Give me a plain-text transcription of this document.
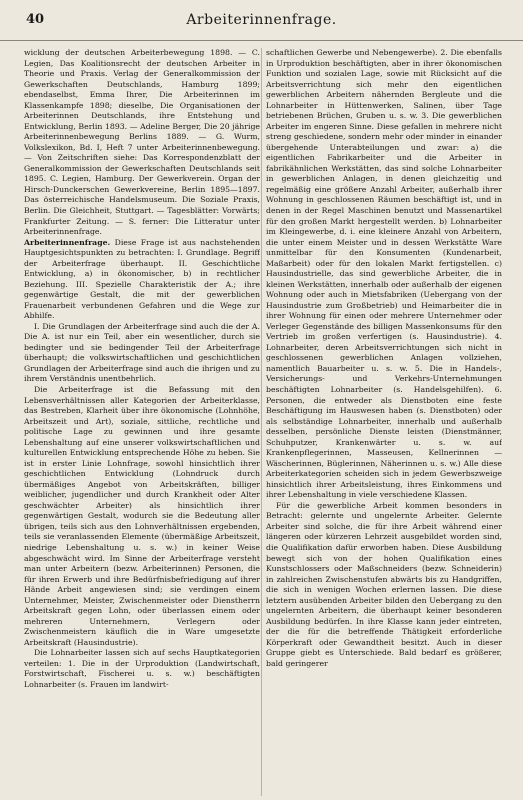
40	Arbeiterinnenfrage.

wicklung der deutschen Arbeiterbewegung 1898. — C. Legien, Das Koalitionsrecht der deutschen Arbeiter in Theorie und Praxis. Verlag der Generalkommission der Gewerkschaften Deutschlands, Hamburg 1899; ebendaselbst, Emma Ihrer, Die Arbeiterinnen im Klassenkampfe 1898; dieselbe, Die Organisationen der Arbeiterinnen Deutschlands, ihre Entstehung und Entwicklung, Berlin 1893. — Adeline Berger, Die 20 jährige Arbeiterinnenbewegung Berlins 1889. — G. Wurm, Volkslexikon, Bd. I, Heft 7 unter Arbeiterinnenbewegung. — Von Zeitschriften siehe: Das Korrespondenzblatt der Generalkommission der Gewerkschaften Deutschlands seit 1895. C. Legien, Hamburg. Der Gewerkverein. Organ der Hirsch-Dunckerschen Gewerkvereine, Berlin 1895—1897. Das österreichische Handelsmuseum. Die Soziale Praxis, Berlin. Die Gleichheit, Stuttgart. — Tagesblätter: Vorwärts; Frankfurter Zeitung. — S. ferner: Die Litteratur unter Arbeiterinnenfrage.

Arbeiterinnenfrage. Diese Frage ist aus nachstehenden Hauptgesichtspunkten zu betrachten: I. Grundlage. Begriff der Arbeiterfrage überhaupt. II. Geschichtliche Entwicklung, a) in ökonomischer, b) in rechtlicher Beziehung. III. Spezielle Charakteristik der A.; ihre gegenwärtige Gestalt, die mit der gewerblichen Frauenarbeit verbundenen Gefahren und die Wege zur Abhilfe.

I. Die Grundlagen der Arbeiterfrage sind auch die der A. Die A. ist nur ein Teil, aber ein wesentlicher, durch sie bedingter und sie bedingender Teil der Arbeiterfrage überhaupt; die volkswirtschaftlichen und geschichtlichen Grundlagen der Arbeiterfrage sind auch die ihrigen und zu ihrem Verständnis unentbehrlich.

Die Arbeiterfrage ist die Befassung mit den Lebensverhältnissen aller Kategorien der Arbeiterklasse, das Bestreben, Klarheit über ihre ökonomische (Lohnhöhe, Arbeitszeit und Art), soziale, sittliche, rechtliche und politische Lage zu gewinnen und ihre gesamte Lebenshaltung auf eine unserer volkswirtschaftlichen und kulturellen Entwicklung entsprechende Höhe zu heben. Sie ist in erster Linie Lohnfrage, sowohl hinsichtlich ihrer geschichtlichen Entwicklung (Lohndruck durch übermäßiges Angebot von Arbeitskräften, billiger weiblicher, jugendlicher und durch Krankheit oder Alter geschwächter Arbeiter) als hinsichtlich ihrer gegenwärtigen Gestalt, wodurch sie die Bedeutung aller übrigen, teils sich aus den Lohnverhältnissen ergebenden, teils sie veranlassenden Elemente (übermäßige Arbeitszeit, niedrige Lebenshaltung u. s. w.) in keiner Weise abgeschwächt wird. Im Sinne der Arbeiterfrage versteht man unter Arbeitern (bezw. Arbeiterinnen) Personen, die für ihren Erwerb und ihre Bedürfnisbefriedigung auf ihrer Hände Arbeit angewiesen sind; sie verdingen einem Unternehmer, Meister, Zwischenmeister oder Dienstherrn Arbeitskraft gegen Lohn, oder überlassen einem oder mehreren Unternehmern, Verlegern oder Zwischenmeistern käuflich die in Ware umgesetzte Arbeitskraft (Hausindustrie).

Die Lohnarbeiter lassen sich auf sechs Hauptkategorien verteilen: 1. Die in der Urproduktion (Landwirtschaft, Forstwirtschaft, Fischerei u. s. w.) beschäftigten Lohnarbeiter (s. Frauen im landwirt-

schaftlichen Gewerbe und Nebengewerbe). 2. Die ebenfalls in Urproduktion beschäftigten, aber in ihrer ökonomischen Funktion und sozialen Lage, sowie mit Rücksicht auf die Arbeitsverrichtung sich mehr den eigentlichen gewerblichen Arbeitern nähernden Bergleute und die Lohnarbeiter in Hüttenwerken, Salinen, über Tage betriebenen Brüchen, Gruben u. s. w. 3. Die gewerblichen Arbeiter im engeren Sinne. Diese gefallen in mehrere nicht streng geschiedene, sondern mehr oder minder in einander übergehende Unterabteilungen und zwar: a) die eigentlichen Fabrikarbeiter und die Arbeiter in fabrikähnlichen Werkstätten, das sind solche Lohnarbeiter in gewerblichen Anlagen, in denen gleichzeitig und regelmäßig eine größere Anzahl Arbeiter, außerhalb ihrer Wohnung in geschlossenen Räumen beschäftigt ist, und in denen in der Regel Maschinen benutzt und Massenartikel für den großen Markt hergestellt werden. b) Lohnarbeiter im Kleingewerbe, d. i. eine kleinere Anzahl von Arbeitern, die unter einem Meister und in dessen Werkstätte Ware unmittelbar für den Konsumenten (Kundenarbeit, Maßarbeit) oder für den lokalen Markt fertigstellen. c) Hausindustrielle, das sind gewerbliche Arbeiter, die in kleinen Werkstätten, innerhalb oder außerhalb der eigenen Wohnung oder auch in Mietsfabriken (Uebergang von der Hausindustrie zum Großbetrieb) und Heimarbeiter die in ihrer Wohnung für einen oder mehrere Unternehmer oder Verleger Gegenstände des billigen Massenkonsums für den Vertrieb im großen verfertigen (s. Hausindustrie). 4. Lohnarbeiter, deren Arbeitsverrichtungen sich nicht in geschlossenen gewerblichen Anlagen vollziehen, namentlich Bauarbeiter u. s. w. 5. Die in Handels-, Versicherungs- und Verkehrs-Unternehmungen beschäftigten Lohnarbeiter (s. Handelsgehilfen). 6. Personen, die entweder als Dienstboten eine feste Beschäftigung im Hauswesen haben (s. Dienstboten) oder als selbständige Lohnarbeiter, innerhalb und außerhalb desselben, persönliche Dienste leisten (Dienstmänner, Schuhputzer, Krankenwärter u. s. w. auf Krankenpflegerinnen, Masseusen, Kellnerinnen — Wäscherinnen, Büglerinnen, Näherinnen u. s. w.) Alle diese Arbeiterkategorien scheiden sich in jedem Gewerbszweige hinsichtlich ihrer Arbeitsleistung, ihres Einkommens und ihrer Lebenshaltung in viele verschiedene Klassen.

Für die gewerbliche Arbeit kommen besonders in Betracht: gelernte und ungelernte Arbeiter. Gelernte Arbeiter sind solche, die für ihre Arbeit während einer längeren oder kürzeren Lehrzeit ausgebildet worden sind, die Qualifikation dafür erworben haben. Diese Ausbildung bewegt sich von der hohen Qualifikation eines Kunstschlossers oder Maßschneiders (bezw. Schneiderin) in zahlreichen Zwischenstufen abwärts bis zu Handgriffen, die sich in wenigen Wochen erlernen lassen. Die diese letztern ausübenden Arbeiter bilden den Uebergang zu den ungelernten Arbeitern, die überhaupt keiner besonderen Ausbildung bedürfen. In ihre Klasse kann jeder eintreten, der die für die betreffende Thätigkeit erforderliche Körperkraft oder Gewandtheit besitzt. Auch in dieser Gruppe giebt es Unterschiede. Bald bedarf es größerer, bald geringerer
